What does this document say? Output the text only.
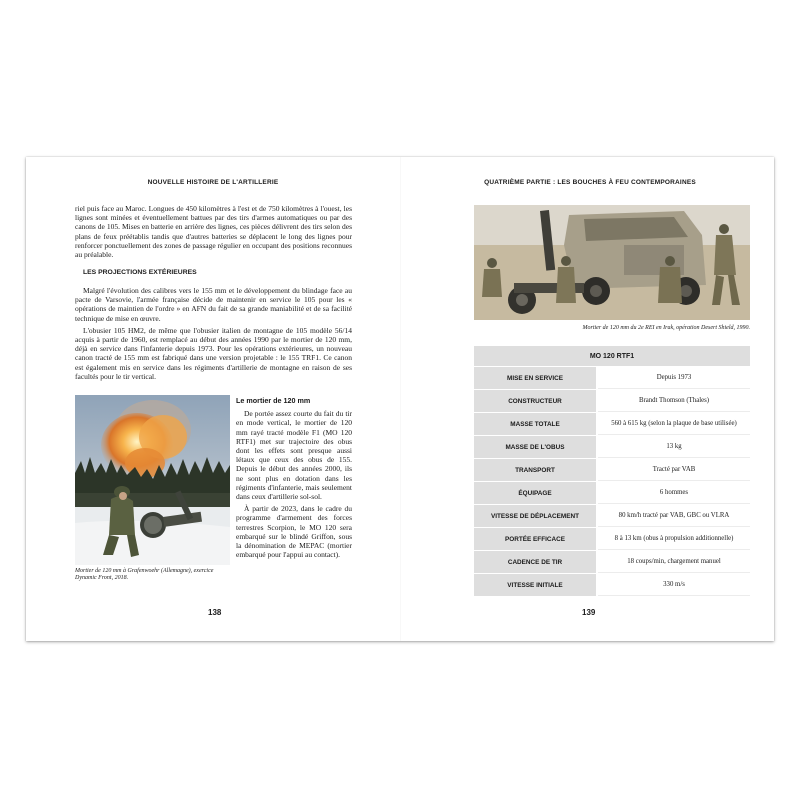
NOUVELLE HISTOIRE DE L'ARTILLERIE

riel puis face au Maroc. Longues de 450 kilomètres à l'est et de 750 kilomètres à l'ouest, les lignes sont minées et éventuellement battues par des tirs d'armes automatiques ou par des canons de 105. Mises en batterie en arrière des lignes, ces pièces délivrent des tirs selon des plans de feux préétablis tandis que d'autres batteries se déplacent le long des lignes pour renforcer ponctuellement des zones de passage régulier en occupant des positions reconnues au préalable.

LES PROJECTIONS EXTÉRIEURES

Malgré l'évolution des calibres vers le 155 mm et le développement du blindage face au pacte de Varsovie, l'armée française décide de maintenir en service le 105 pour les « opérations de maintien de l'ordre » en AFN du fait de sa grande maniabilité et de sa facilité technique de mise en œuvre.

L'obusier 105 HM2, de même que l'obusier italien de montagne de 105 modèle 56/14 acquis à partir de 1960, est remplacé au début des années 1990 par le mortier de 120 mm, déjà en service dans l'infanterie depuis 1973. Pour les opérations extérieures, un nouveau canon tracté de 155 mm est fabriqué dans une version projetable : le 155 TRF1. Ce canon est également mis en service dans les régiments d'artillerie de montagne en raison de ses facultés pour le tir vertical.

Mortier de 120 mm à Grafenwoehr (Allemagne), exercice Dynamic Front, 2018.
Le mortier de 120 mm

De portée assez courte du fait du tir en mode vertical, le mortier de 120 mm rayé tracté modèle F1 (MO 120 RTF1) met sur trajectoire des obus dont les effets sont presque aussi létaux que ceux des obus de 155. Depuis le début des années 2000, ils ne sont plus en dotation dans les régiments d'infanterie, mais seulement dans ceux d'artillerie sol-sol.

À partir de 2023, dans le cadre du programme d'armement des forces terrestres Scorpion, le MO 120 sera embarqué sur le blindé Griffon, sous la dénomination de MEPAC (mortier embarqué pour l'appui au contact).

138
QUATRIÈME PARTIE : LES BOUCHES À FEU CONTEMPORAINES
Mortier de 120 mm du 2e REI en Irak, opération Desert Shield, 1990.
MO 120 RTF1	
MISE EN SERVICE	Depuis 1973
CONSTRUCTEUR	Brandt Thomson (Thales)
MASSE TOTALE	560 à 615 kg (selon la plaque de base utilisée)
MASSE DE L'OBUS	13 kg
TRANSPORT	Tracté par VAB
ÉQUIPAGE	6 hommes
VITESSE DE DÉPLACEMENT	80 km/h tracté par VAB, GBC ou VLRA
PORTÉE EFFICACE	8 à 13 km (obus à propulsion additionnelle)
CADENCE DE TIR	18 coups/min, chargement manuel
VITESSE INITIALE	330 m/s
139
